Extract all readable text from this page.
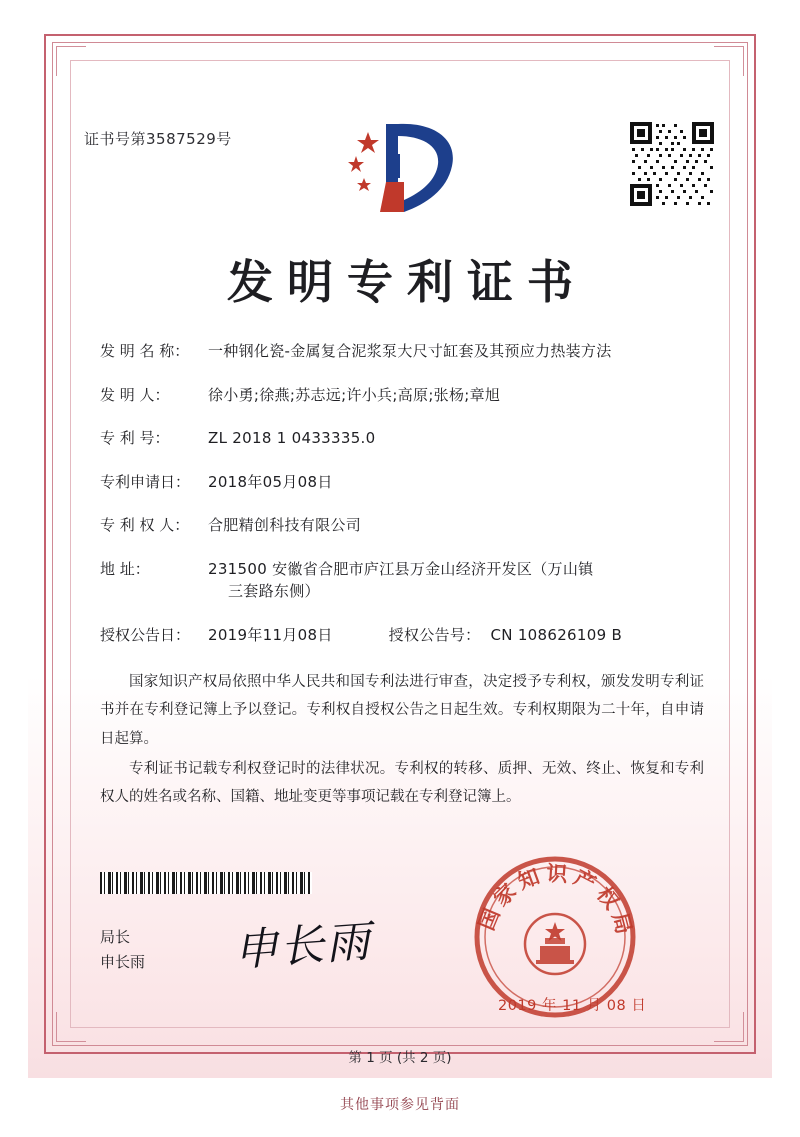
证书号第3587529号
发明专利证书
发 明 名 称：	一种钢化瓷-金属复合泥浆泵大尺寸缸套及其预应力热装方法
发 明 人：	徐小勇;徐燕;苏志远;许小兵;高原;张杨;章旭
专 利 号：	ZL 2018 1 0433335.0
专利申请日：	2018年05月08日
专 利 权 人：	合肥精创科技有限公司
地 址：	231500 安徽省合肥市庐江县万金山经济开发区（万山镇
三套路东侧）
授权公告日：	2019年11月08日	授权公告号： CN 108626109 B

国家知识产权局依照中华人民共和国专利法进行审查，决定授予专利权，颁发发明专利证书并在专利登记簿上予以登记。专利权自授权公告之日起生效。专利权期限为二十年，自申请日起算。

专利证书记载专利权登记时的法律状况。专利权的转移、质押、无效、终止、恢复和专利权人的姓名或名称、国籍、地址变更等事项记载在专利登记簿上。

局长
申长雨 申长雨	国家知识产权局
2019 年 11 月 08 日
第 1 页 (共 2 页)
其他事项参见背面
